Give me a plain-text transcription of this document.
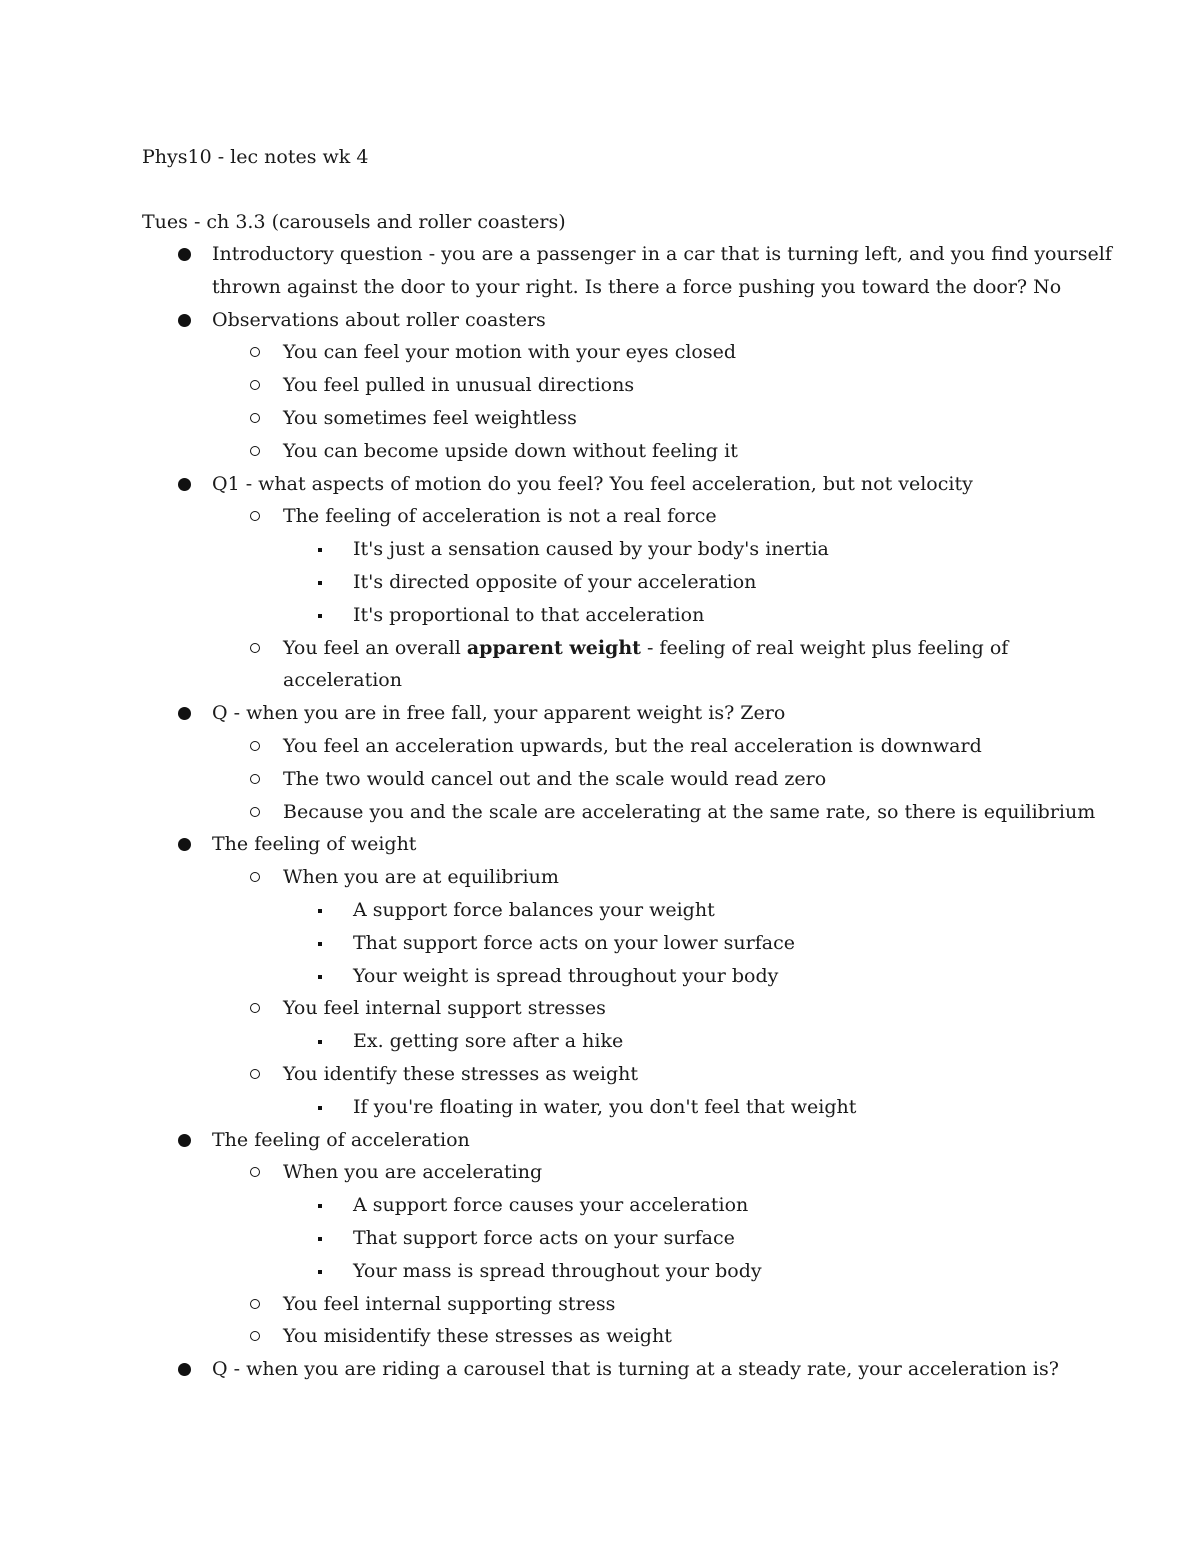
Phys10 - lec notes wk 4
Tues - ch 3.3 (carousels and roller coasters)
Introductory question - you are a passenger in a car that is turning left, and you find yourself
thrown against the door to your right. Is there a force pushing you toward the door? No
Observations about roller coasters
You can feel your motion with your eyes closed
You feel pulled in unusual directions
You sometimes feel weightless
You can become upside down without feeling it
Q1 - what aspects of motion do you feel? You feel acceleration, but not velocity
The feeling of acceleration is not a real force
It's just a sensation caused by your body's inertia
It's directed opposite of your acceleration
It's proportional to that acceleration
You feel an overall apparent weight - feeling of real weight plus feeling of
acceleration
Q - when you are in free fall, your apparent weight is? Zero
You feel an acceleration upwards, but the real acceleration is downward
The two would cancel out and the scale would read zero
Because you and the scale are accelerating at the same rate, so there is equilibrium
The feeling of weight
When you are at equilibrium
A support force balances your weight
That support force acts on your lower surface
Your weight is spread throughout your body
You feel internal support stresses
Ex. getting sore after a hike
You identify these stresses as weight
If you're floating in water, you don't feel that weight
The feeling of acceleration
When you are accelerating
A support force causes your acceleration
That support force acts on your surface
Your mass is spread throughout your body
You feel internal supporting stress
You misidentify these stresses as weight
Q - when you are riding a carousel that is turning at a steady rate, your acceleration is?
